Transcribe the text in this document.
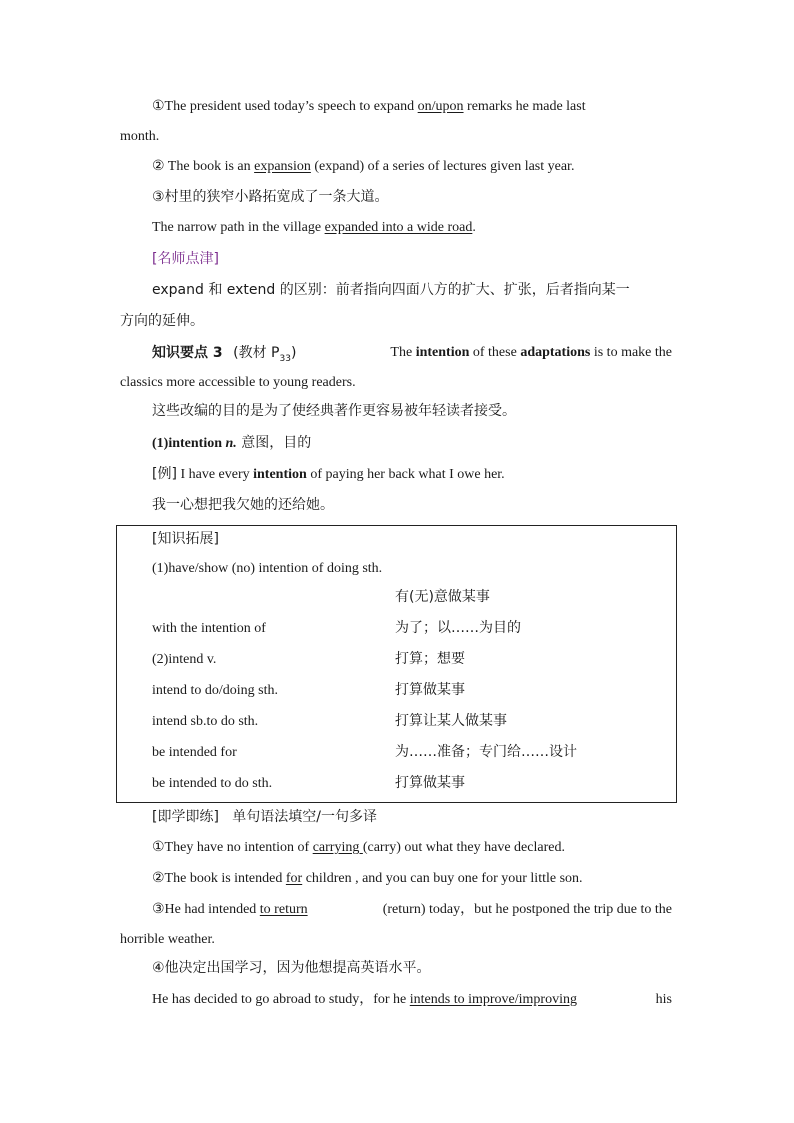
①The president used today’s speech to expand on/upon remarks he made last
month.
② The book is an expansion (expand) of a series of lectures given last year.
③村里的狭窄小路拓宽成了一条大道。
The narrow path in the village expanded into a wide road.
[名师点津]
expand 和 extend 的区别：前者指向四面八方的扩大、扩张，后者指向某一
方向的延伸。
知识要点 3 (教材 $P_{33}$)	The intention of these adaptations is to make the
classics more accessible to young readers.
这些改编的目的是为了使经典著作更容易被年轻读者接受。
(1)intention n. 意图，目的
[例] I have every intention of paying her back what I owe her.
我一心想把我欠她的还给她。
[知识拓展]
(1)have/show (no) intention of doing sth.
有(无)意做某事
with the intention of	为了；以……为目的
(2)intend v.	打算；想要
intend to do/doing sth.	打算做某事
intend sb.to do sth.	打算让某人做某事
be intended for	为……准备；专门给……设计
be intended to do sth.	打算做某事
[即学即练] 单句语法填空/一句多译
①They have no intention of carrying (carry) out what they have declared.
②The book is intended for children , and you can buy one for your little son.
③He had intended to return	(return) today，but he postponed the trip due to the
horrible weather.
④他决定出国学习，因为他想提高英语水平。
He has decided to go abroad to study，for he intends to improve/improving	his
